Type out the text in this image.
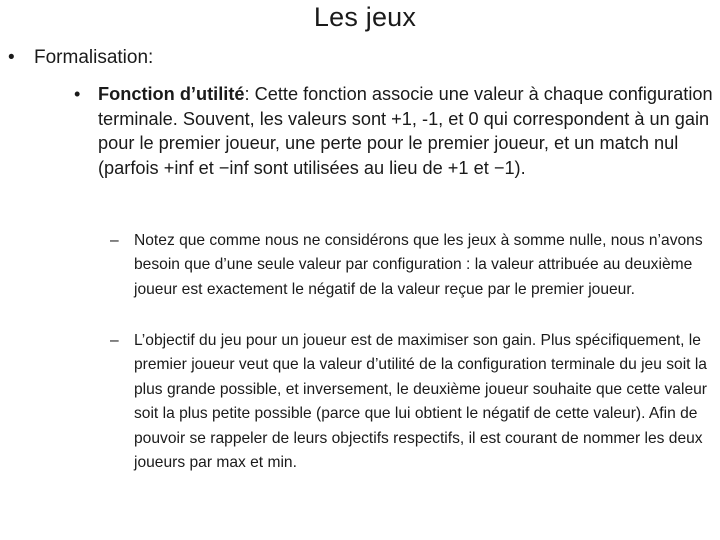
Les jeux
•	Formalisation:
• Fonction d’utilité: Cette fonction associe une valeur à chaque configuration terminale. Souvent, les valeurs sont +1, -1, et 0 qui correspondent à un gain pour le premier joueur, une perte pour le premier joueur, et un match nul (parfois +inf et −inf sont utilisées au lieu de +1 et −1).
– Notez que comme nous ne considérons que les jeux à somme nulle, nous n’avons besoin que d’une seule valeur par configuration : la valeur attribuée au deuxième joueur est exactement le négatif de la valeur reçue par le premier joueur.
– L’objectif du jeu pour un joueur est de maximiser son gain. Plus spécifiquement, le premier joueur veut que la valeur d’utilité de la configuration terminale du jeu soit la plus grande possible, et inversement, le deuxième joueur souhaite que cette valeur soit la plus petite possible (parce que lui obtient le négatif de cette valeur). Afin de pouvoir se rappeler de leurs objectifs respectifs, il est courant de nommer les deux joueurs par max et min.
